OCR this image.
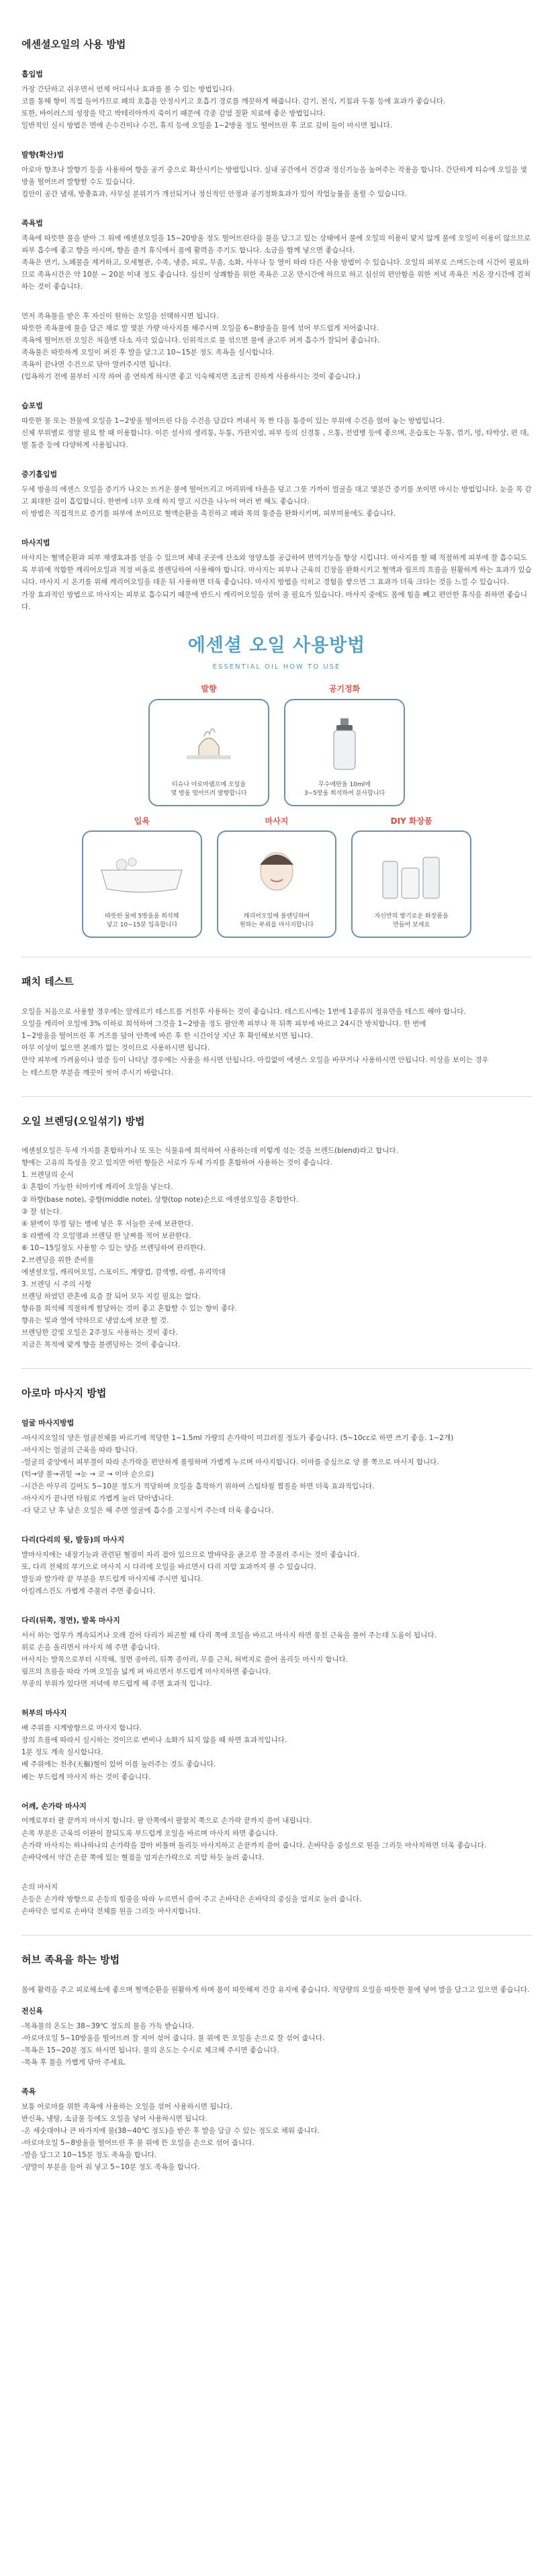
에센셜오일의 사용 방법
흡입법

가장 간단하고 쉬우면서 언제 어디서나 효과를 볼 수 있는 방법입니다.
코를 통해 향이 직접 들어가므로 폐의 호흡을 안정시키고 호흡기 경로를 깨끗하게 해줍니다. 감기, 천식, 기침과 두통 등에 효과가 좋습니다.
또한, 바이러스의 성장을 막고 박테리아까지 죽이기 때문에 각종 감염 질환 치료에 좋은 방법입니다.
일반적인 실시 방법은 면에 손수건이나 수건, 휴지 등에 오일을 1~2방울 정도 떨어뜨린 후 코로 깊이 들이 마시면 됩니다.

발향(확산)법

아로마 향초나 발향기 등을 사용하여 향을 공기 중으로 확산시키는 방법입니다. 실내 공간에서 건강과 정신기능을 높여주는 작용을 합니다. 간단하게 티슈에 오일을 몇 방울 떨어뜨려 발향할 수도 있습니다.
집안이 공간 냄새, 방충효과, 사무실 분위기가 개선되거나 정신적인 안정과 공기정화효과가 있어 작업능률을 올릴 수 있습니다.

족욕법

족욕에 따뜻한 물을 받아 그 위에 에센셜오일을 15~20방울 정도 떨어뜨린다음 물을 담그고 있는 상태에서 물에 오일의 이용이 맞지 않게 물에 오일이 이용이 않으므로 피부 흡수에 좋고 향을 마시며, 향을 즐겨 휴식에서 몸에 활력을 주기도 합니다. 소금을 함께 넣으면 좋습니다.
족욕은 연기, 노폐물을 제거하고, 모세혈관, 수족, 냉증, 피로, 무좀, 소화, 사우나 등 열이 따라 다른 사용 방법이 수 있습니다. 오일의 피부로 스며드는데 시간이 필요하므로 족욕시간은 약 10분 ~ 20분 이내 정도 좋습니다. 심신이 상쾌함을 위한 족욕은 고온 만시간에 하므로 하고 심신의 편안함을 위한 저녁 족욕은 저온 장시간에 걸쳐 하는 것이 좋습니다.

먼저 족욕물을 받은 후 자신이 원하는 오일을 선택하시면 됩니다.
따뜻한 족욕물에 물을 담근 채로 발 몇분 가량 마사지를 해주시며 오일을 6~8방울을 물에 섞어 부드럽게 저어줍니다.
족욕에 떨어뜨린 오일은 처음엔 다소 자극 있습니다. 인위적으로 물 섞으면 물에 골고루 퍼져 흡수가 잘되어 좋습니다.
족욕물은 따뜻하게 오일이 퍼진 후 발을 담그고 10~15분 정도 족욕을 실시합니다.
족욕이 끝나면 수건으로 닦아 말려주시면 됩니다.
(입욕하기 전에 물부터 시작 하여 좀 연하게 하시면 좋고 익숙해지면 조금씩 진하게 사용하시는 것이 좋습니다.)

습포법

따뜻한 물 또는 찬물에 오일을 1~2방울 떨어뜨린 다음 수건을 담갔다 꺼내서 꼭 짠 다음 통증이 있는 부위에 수건을 얹어 놓는 방법입니다.
신체 부위별로 정말 필요 할 때 이용합니다. 이른 설사의 생리통, 두통, 가관지염, 피부 등의 신경통 , 으통, 전염병 등에 좋으며, 온습포는 두통, 꺾기, 멍, 타박상, 편 대, 벌 통증 등에 다양하게 사용됩니다.

증기흡입법

두세 방울의 에센스 오일을 증기가 나오는 뜨거운 물에 떨어뜨리고 머리위에 타올을 덮고 그릇 가까이 얼굴을 대고 몇분간 증기를 쏘이면 마시는 방법입니다. 눈을 꼭 감고 최대한 깊이 흡입합니다. 한번에 너무 오래 하지 말고 시간을 나누어 여러 번 해도 좋습니다.
이 방법은 직접적으로 증기를 피부에 쏘이므로 혈액순환을 촉진하고 폐와 목의 통증을 완화시키며, 피부미용에도 좋습니다.

마사지법

마사지는 혈액순환과 피부 재생효과를 얻을 수 있으며 체내 곳곳에 산소와 영양소를 공급하여 면역기능을 향상 시킵니다. 마사지를 할 때 적절하게 피부에 잘 흡수되도록 부위에 적합한 캐리어오일과 적정 비율로 블렌딩하여 사용해야 합니다. 마사지는 피부나 근육의 긴장을 완화시키고 혈액과 림프의 흐름을 원활하게 하는 효과가 있습니다. 마사지 시 온기를 위해 캐리어오일을 데운 뒤 사용하면 더욱 좋습니다. 마사지 방법을 익히고 경험을 쌓으면 그 효과가 더욱 크다는 것을 느낄 수 있습니다.
가장 효과적인 방법으로 마사지는 피부로 흡수되기 때문에 반드시 캐리어오일을 섞어 줄 필요가 있습니다. 마사지 중에도 몸에 힘을 빼고 편안한 휴식을 취하면 좋습니다.

에센셜 오일 사용방법
ESSENTIAL OIL HOW TO USE
발향
티슈나 아로마램프에 오일을
몇 방울 떨어뜨려 발향합니다
공기정화
무수에탄올 10ml에
3~5방울 희석하여 분사합니다
입욕
따뜻한 물에 5방울을 희석해
넣고 10~15분 입욕합니다
마사지
캐리어오일에 블렌딩하여
원하는 부위를 마사지합니다
DIY 화장품
자신만의 향기로운 화장품을
만들어 보세요
패치 테스트

오일을 처음으로 사용할 경우에는 알레르기 테스트를 거친후 사용하는 것이 좋습니다. 테스트시에는 1번에 1종류의 정유만을 테스트 해야 합니다.
오일을 캐리어 오일에 3% 이하로 희석하여 그것을 1~2방울 정도 팔안쪽 피부나 목 뒤쪽 피부에 바르고 24시간 방치합니다. 한 번에
1~2방울을 떨어뜨린 후 거즈를 덮어 안쪽에 바른 후 한 시간이상 지난 후 확인해보시면 됩니다.
아무 이상이 없으면 본래가 없는 것이므로 사용하시면 됩니다.
만약 피부에 가려움이나 염증 등이 나타날 경우에는 사용을 하시면 안됩니다. 아낌없이 에센스 오일을 바꾸거나 사용하시면 안됩니다. 이상을 보이는 경우
는 테스트한 부분을 깨끗이 씻어 주시기 바랍니다.

오일 브렌딩(오일섞기) 방법

에센셜오일은 두세 가지를 혼합하거나 또 또는 식물유에 희석하여 사용하는데 이렇게 섞는 것을 브렌드(blend)라고 합니다.
향에는 고유의 특성을 갖고 있지만 어떤 향들은 서로가 두세 가지를 혼합하여 사용하는 것이 좋습니다.
1. 브렌딩의 순서
① 혼합이 가능한 히아키에 캐리어 오일을 넣는다.
② 하향(base note), 중향(middle note), 상향(top note)순으로 에센셜오일을 혼합한다.
③ 잘 섞는다.
④ 완벽이 뚜껑 덮는 병에 넣은 후 서늘한 곳에 보관한다.
⑤ 라벨에 각 오일명과 브렌딩 한 날짜를 적어 보관한다.
⑥ 10~15일정도 사용할 수 있는 양을 브렌딩하여 관리한다.
2.브렌딩을 위한 준비물
에센셜오일, 캐리어오일, 스포이드, 계량컵, 갈색병, 라벨, 유리막대
3. 브렌딩 시 주의 사항
브렌딩 하였던 관혼에 요즘 잘 되어 모두 지킬 필요는 없다.
향유를 희석해 적절하게 할당하는 것이 좋고 혼합할 수 있는 향이 좋다.
향유는 빛과 열에 약하므로 냉암소에 보관 할 것.
브렌딩한 갈빛 오일은 2주정도 사용하는 것이 좋다.
지금은 목적에 맞게 향을 블렌딩하는 것이 좋습니다.

아로마 마사지 방법
얼굴 마사지방법

-마사지오일의 양은 얼굴전체를 바르기에 적당한 1~1.5ml 가량의 손가락이 미끄러질 정도가 좋습니다. (5~10cc로 하면 쓰기 좋음. 1~2개)
-마사지는 얼굴의 근육을 따라 합니다.
-얼굴의 중앙에서 피부결이 따라 손가락을 편안하게 롤링하며 가볍게 누르며 마사지합니다. 이마를 중심으로 양 볼 쪽으로 마사지 합니다.
(턱→양 볼→귀밑 →눈 → 코 → 이마 순으로)
-시간은 아무리 길어도 5~10분 정도가 적당하며 오일을 흡착하기 위하여 스팀타월 찜질을 하면 더욱 효과적입니다.
-마사지가 끝나면 타월로 가볍게 눌러 닦아냅니다.
-다 닦고 난 후 남은 오일은 해 주면 얼굴에 흡수를 고정시켜 주는데 더욱 좋습니다.

다리(다리의 뒷, 발등)의 마사지

발마사지에는 내장기능과 관련된 혈점이 자리 잡아 있으므로 발바닥을 골고루 잘 주물러 주시는 것이 좋습니다.
또, 다리 전체의 부기으로 마사지 시 다리에 오일을 바르면서 다리 지압 효과까지 볼 수 있습니다.
발등과 발가락 끝 부분을 부드럽게 마사지해 주시면 됩니다.
아킬레스건도 가볍게 주물러 주면 좋습니다.

다리(뒤쪽, 정면), 발목 마사지

서서 하는 업무가 계속되거나 오래 걸어 다리가 피곤할 때 다리 쪽에 오일을 바르고 마사지 하면 뭉친 근육을 풀어 주는데 도움이 됩니다.
위로 손을 올리면서 마사지 해 주면 좋습니다.
마사지는 발목으로부터 시작해, 정면 종아리, 뒤쪽 종아리, 무릎 근처, 허벅지로 쓸어 올리듯 마사지 합니다.
림프의 흐름을 따라 가며 오일을 넓게 펴 바르면서 부드럽게 마사지하면 좋습니다.
부종의 부위가 있다면 저녁에 부드럽게 해 주면 효과적 입니다.

허부의 마사지

배 주위를 시계방향으로 마사지 합니다.
장의 흐름에 따라서 실시하는 것이므로 변비나 소화가 되지 않을 때 하면 효과적입니다.
1분 정도 계속 실시합니다.
배 주위에는 천추(天樞)혈이 있어 이를 눌러주는 것도 좋습니다.
배는 부드럽게 마사지 하는 것이 좋습니다.

어깨, 손가락 마사지

어깨로부터 팔 끝까지 마사지 합니다. 팔 안쪽에서 팔꿈치 쪽으로 손가락 끝까지 쓸어 내립니다.
손목 부분은 근육의 이완이 잘되도록 부드럽게 오일을 바르며 마사지 하면 좋습니다.
손가락 마사지는 하나하나의 손가락을 잡아 비틀며 돌리듯 마사지하고 손끝까지 쓸어 줍니다. 손바닥을 중심으로 원을 그리듯 마사지하면 더욱 좋습니다.
손바닥에서 약간 손끝 쪽에 있는 혈점을 엄지손가락으로 지압 하듯 눌러 줍니다.

손의 마사지
손등은 손가락 방향으로 손등의 힘줄을 따라 누르면서 쓸어 주고 손바닥은 손바닥의 중심을 엄지로 눌러 줍니다.
손바닥은 엄지로 손바닥 전체를 원을 그리듯 마사지합니다.

허브 족욕을 하는 방법

몸에 활력을 주고 피로해소에 좋으며 혈액순환을 원활하게 하며 몸이 따뜻해져 건강 유지에 좋습니다. 적당량의 오일을 따뜻한 물에 넣어 발을 담그고 있으면 좋습니다.

전신욕

-목욕물의 온도는 38~39℃ 정도의 물을 가득 받습니다.
-아로마오일 5~10방울을 떨어뜨려 잘 저어 섞어 줍니다. 물 위에 뜬 오일을 손으로 잘 섞어 줍니다.
-목욕은 15~20분 정도 하시면 됩니다. 물의 온도는 수시로 체크해 주시면 좋습니다.
-목욕 후 몸을 가볍게 닦아 주세요.

족욕

보통 아로마를 위한 족욕에 사용하는 오일을 섞어 사용하시면 됩니다.
반신욕, 냉탕, 소금물 등에도 오일을 넣어 사용하시면 됩니다.
-온 세숫대야나 큰 바가지에 물(38~40℃ 정도)을 받은 후 발을 담글 수 있는 정도로 채워 줍니다.
-아로마오일 5~8방울을 떨어뜨린 후 물 위에 뜬 오일을 손으로 섞어 줍니다.
-발을 담그고 10~15분 정도 족욕을 합니다.
-양말이 부분을 들어 줘 넣고 5~10분 정도 족욕을 합니다.
